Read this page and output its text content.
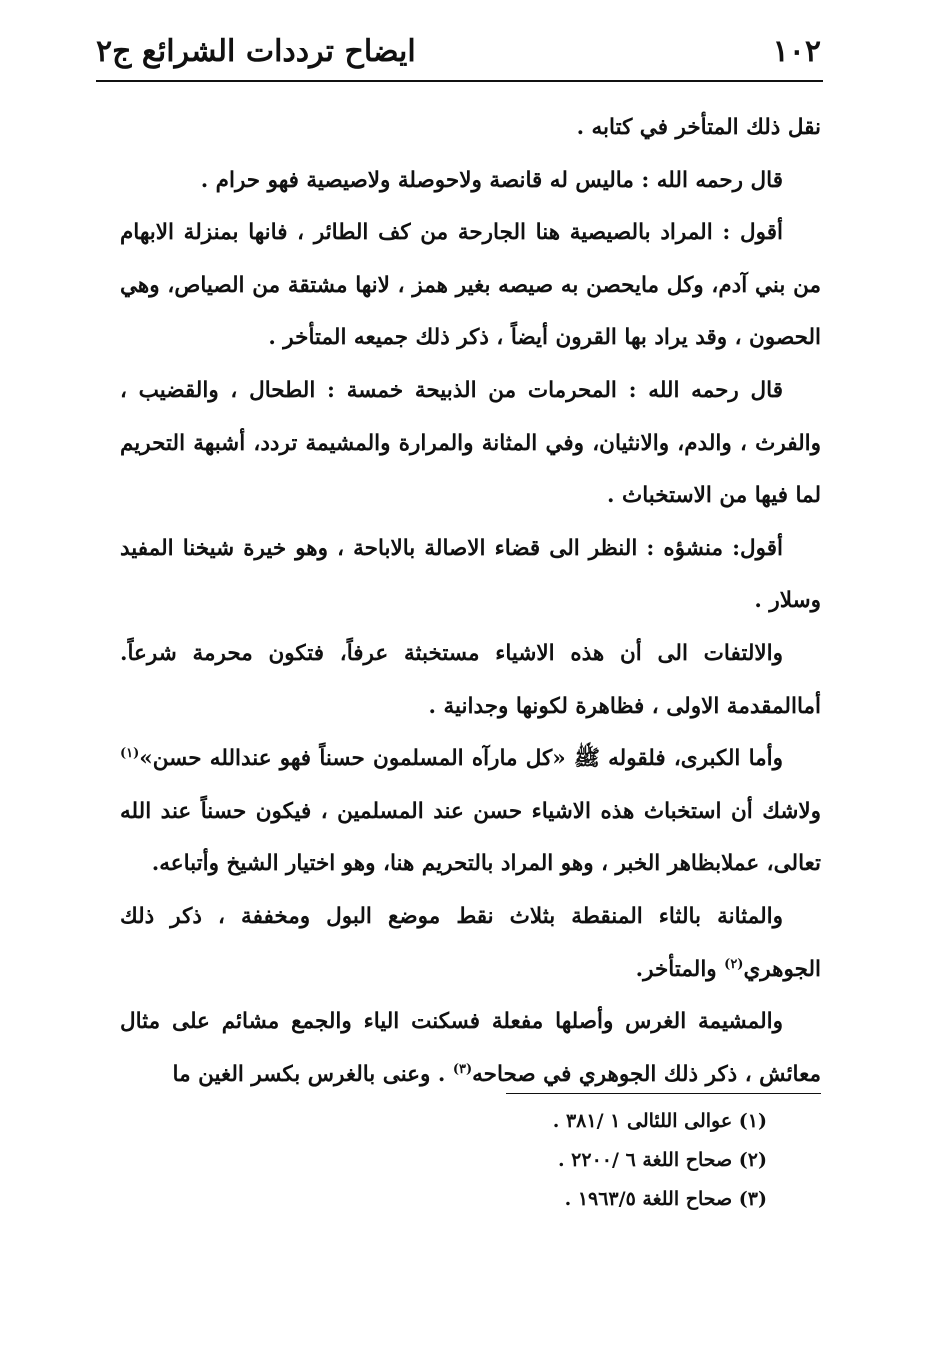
١٠٢
ايضاح ترددات الشرائع ج٢

نقل ذلك المتأخر في كتابه .

قال رحمه الله : ماليس له قانصة ولاحوصلة ولاصيصية فهو حرام .

أقول : المراد بالصيصية هنا الجارحة من كف الطائر ، فانها بمنزلة الابهام من بني آدم، وكل مايحصن به صيصه بغير همز ، لانها مشتقة من الصياص، وهي الحصون ، وقد يراد بها القرون أيضاً ، ذكر ذلك جميعه المتأخر .

قال رحمه الله : المحرمات من الذبيحة خمسة : الطحال ، والقضيب ، والفرث ، والدم، والانثيان، وفي المثانة والمرارة والمشيمة تردد، أشبهة التحريم لما فيها من الاستخباث .

أقول: منشؤه : النظر الى قضاء الاصالة بالاباحة ، وهو خيرة شيخنا المفيد وسلار .

والالتفات الى أن هذه الاشياء مستخبثة عرفاً، فتكون محرمة شرعاً. أماالمقدمة الاولى ، فظاهرة لكونها وجدانية .

وأما الكبرى، فلقوله ﷺ «كل مارآه المسلمون حسناً فهو عندالله حسن»$^{(١)}$ ولاشك أن استخباث هذه الاشياء حسن عند المسلمين ، فيكون حسناً عند الله تعالى، عملابظاهر الخبر ، وهو المراد بالتحريم هنا، وهو اختيار الشيخ وأتباعه.

والمثانة بالثاء المنقطة بثلاث نقط موضع البول ومخففة ، ذكر ذلك الجوهري$^{(٢)}$ والمتأخر.

والمشيمة الغرس وأصلها مفعلة فسكنت الياء والجمع مشائم على مثال معائش ، ذكر ذلك الجوهري في صحاحه$^{(٣)}$ . وعنى بالغرس بكسر الغين ما

(١) عوالى اللئالى ١ /٣٨١ .
(٢) صحاح اللغة ٦ /٢٢٠٠ .
(٣) صحاح اللغة ١٩٦٣/٥ .
